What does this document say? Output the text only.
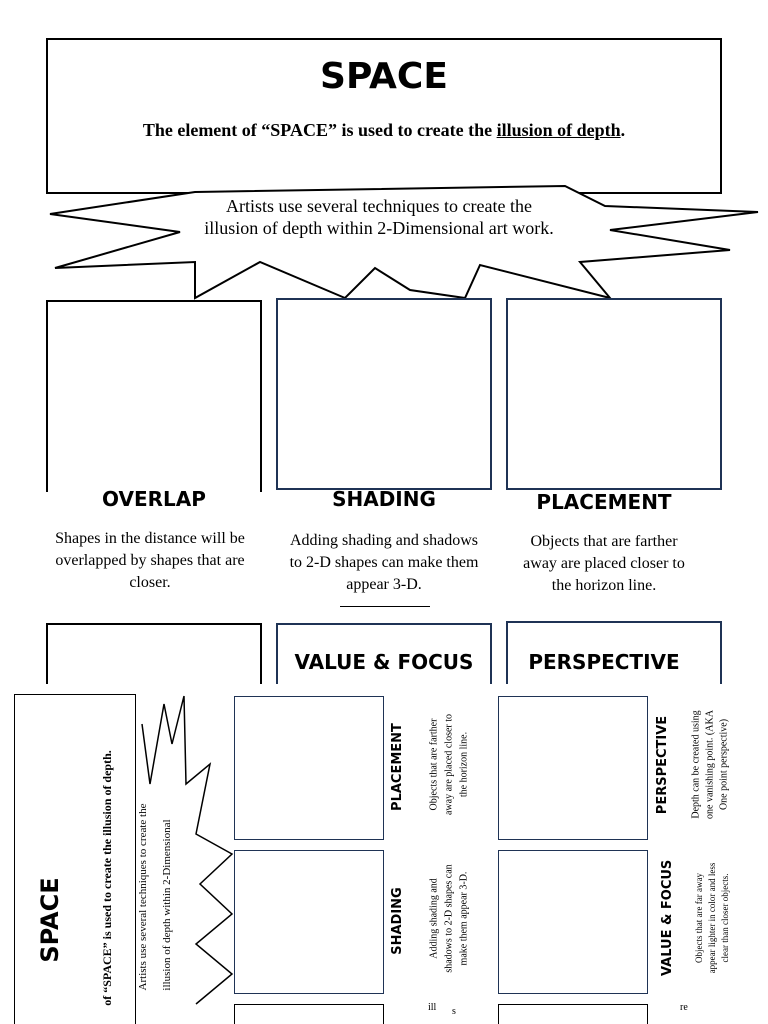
SPACE
The element of “SPACE” is used to create the illusion of depth.
Artists use several techniques to create the illusion of depth within 2-Dimensional art work.
OVERLAP	SHADING	PLACEMENT
Shapes in the distance will be overlapped by shapes that are closer.
Adding shading and shadows to 2-D shapes can make them appear 3-D.
Objects that are farther away are placed closer to the horizon line.
VALUE & FOCUS	PERSPECTIVE
SPACE	of “SPACE” is used to create the illusion of depth. Artists use several techniques to create the illusion of depth within 2-Dimensional
PLACEMENT	Objects that are farther away are placed closer to the horizon line.
SHADING	Adding shading and shadows to 2-D shapes can make them appear 3-D.
ill s
PERSPECTIVE	Depth can be created using one vanishing point. (AKA One point perspective)
VALUE & FOCUS	Objects that are far away appear lighter in color and less clear than closer objects.
re
